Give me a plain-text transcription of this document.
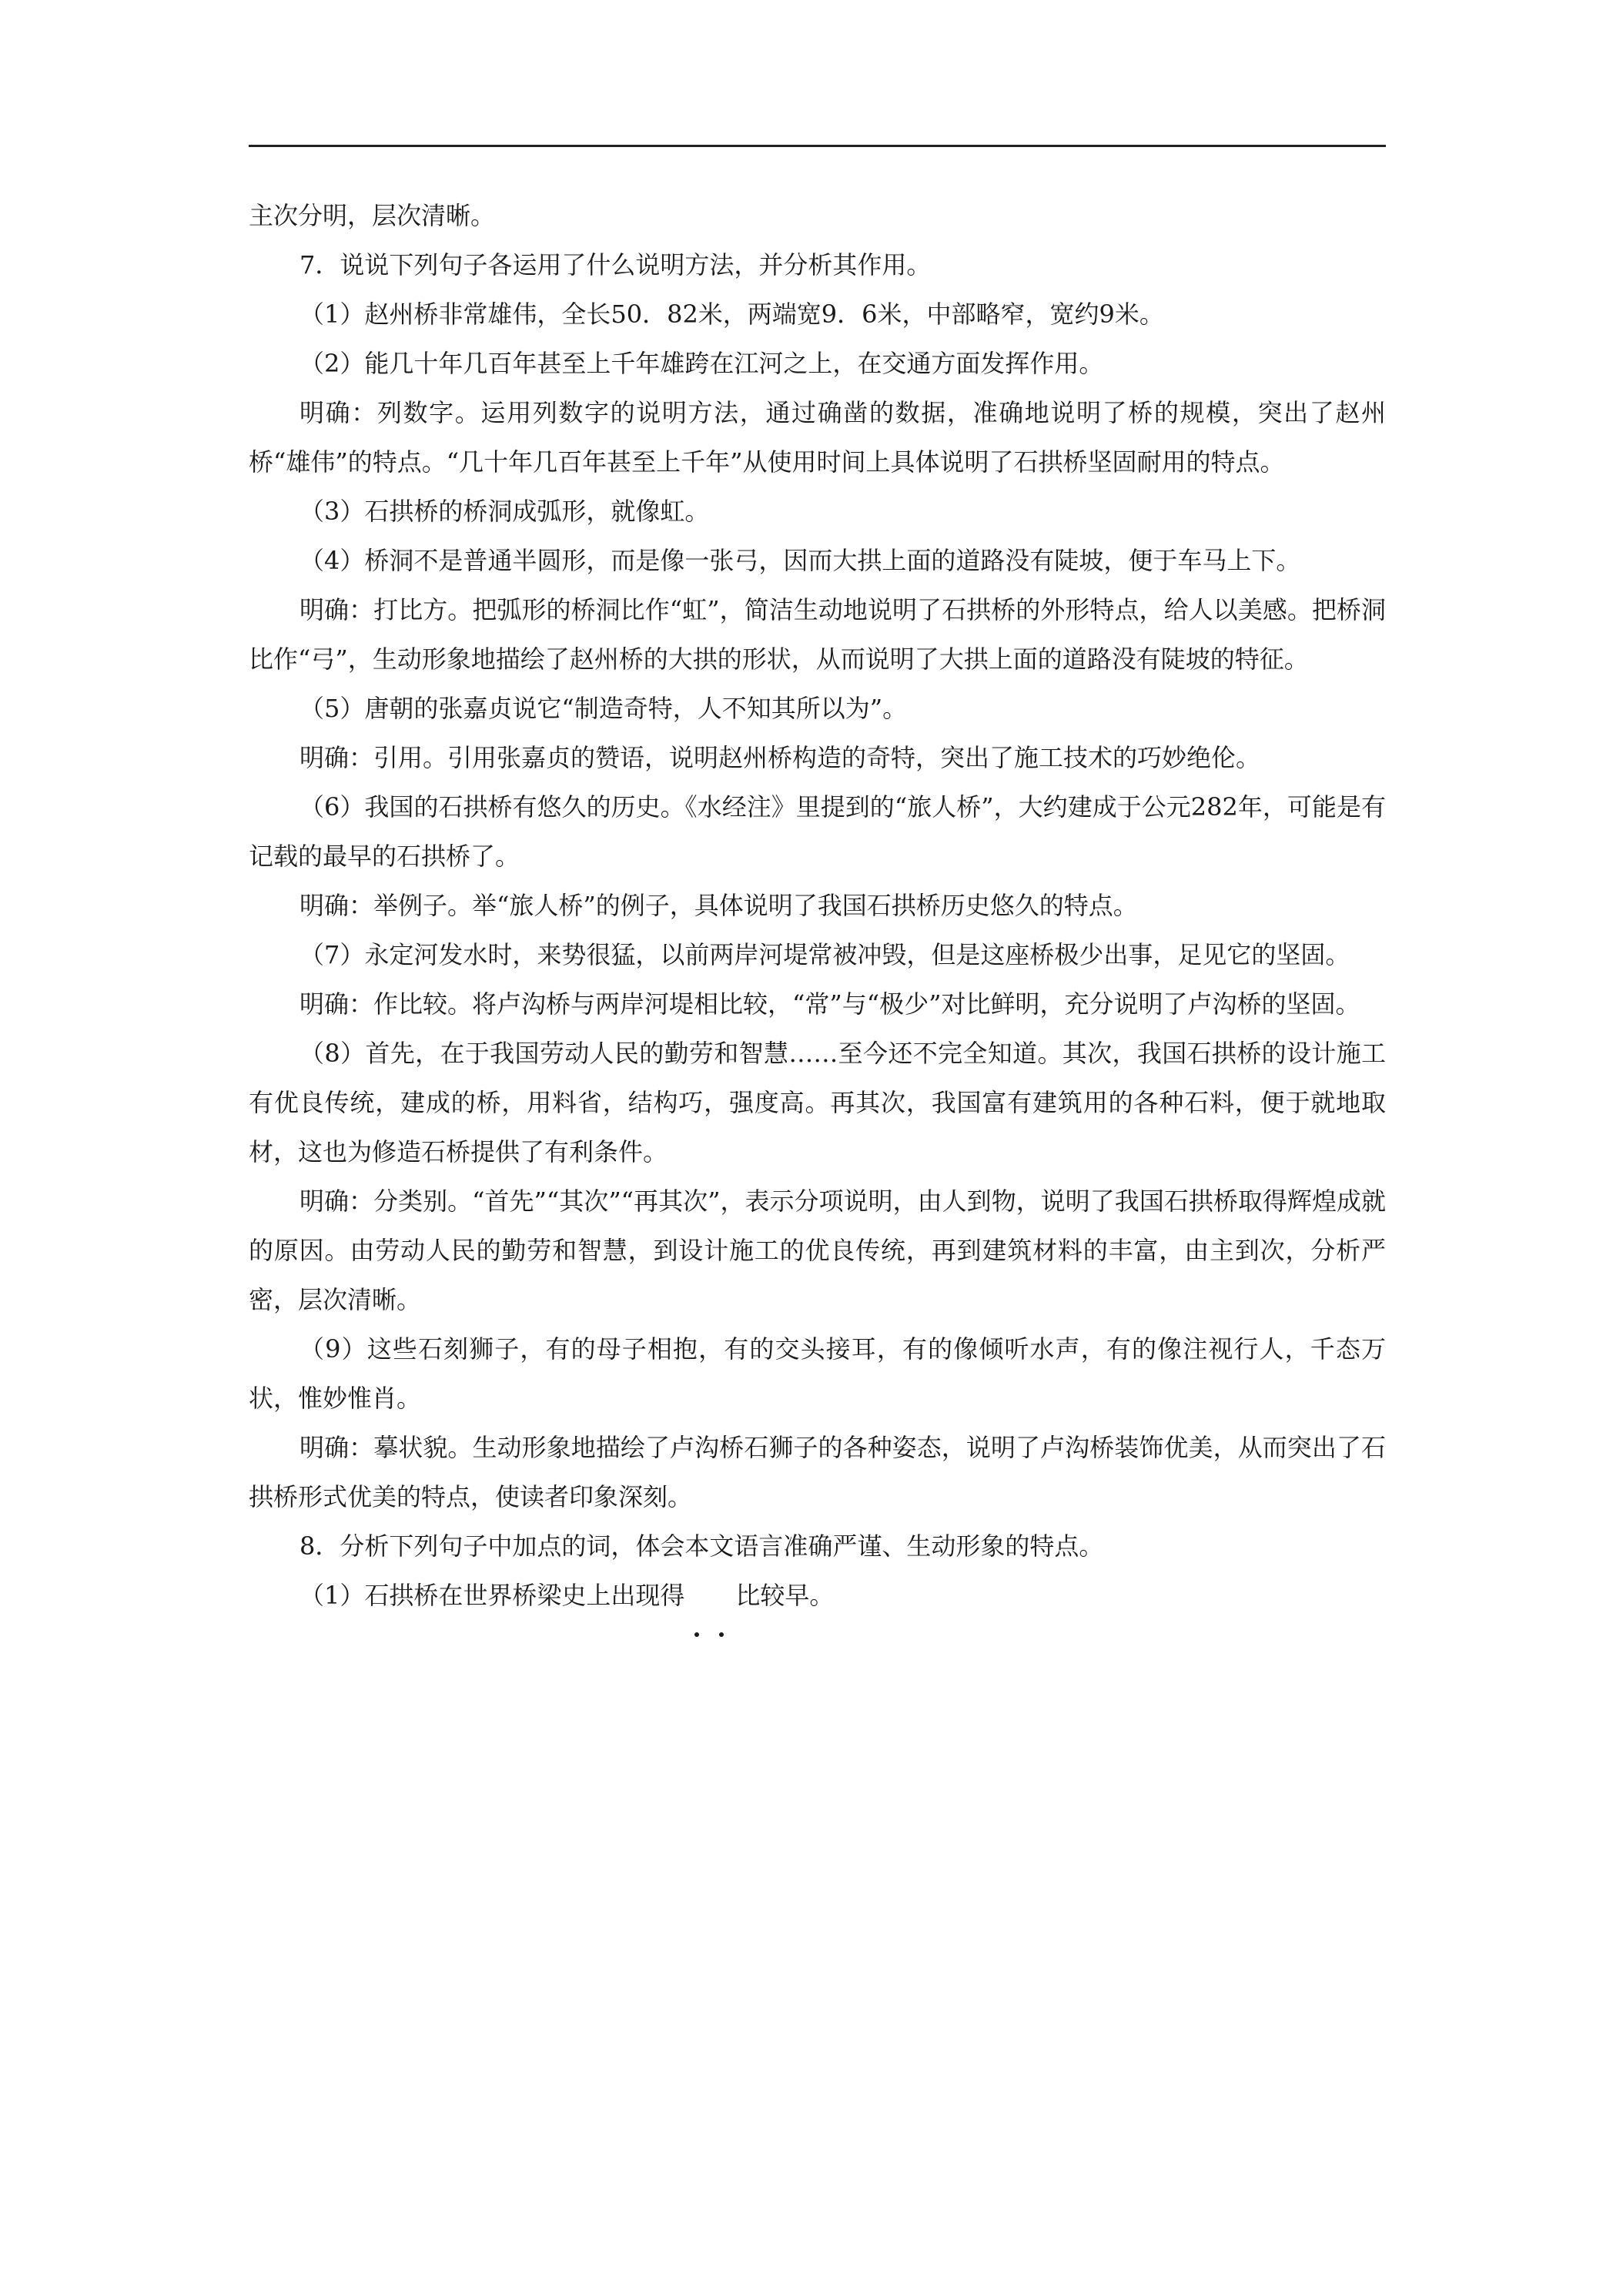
主次分明，层次清晰。

7．说说下列句子各运用了什么说明方法，并分析其作用。

（1）赵州桥非常雄伟，全长50．82米，两端宽9．6米，中部略窄，宽约9米。

（2）能几十年几百年甚至上千年雄跨在江河之上，在交通方面发挥作用。

明确：列数字。运用列数字的说明方法，通过确凿的数据，准确地说明了桥的规模，突出了赵州桥“雄伟”的特点。“几十年几百年甚至上千年”从使用时间上具体说明了石拱桥坚固耐用的特点。

（3）石拱桥的桥洞成弧形，就像虹。

（4）桥洞不是普通半圆形，而是像一张弓，因而大拱上面的道路没有陡坡，便于车马上下。

明确：打比方。把弧形的桥洞比作“虹”，简洁生动地说明了石拱桥的外形特点，给人以美感。把桥洞比作“弓”，生动形象地描绘了赵州桥的大拱的形状，从而说明了大拱上面的道路没有陡坡的特征。

（5）唐朝的张嘉贞说它“制造奇特，人不知其所以为”。

明确：引用。引用张嘉贞的赞语，说明赵州桥构造的奇特，突出了施工技术的巧妙绝伦。

（6）我国的石拱桥有悠久的历史。《水经注》里提到的“旅人桥”，大约建成于公元282年，可能是有记载的最早的石拱桥了。

明确：举例子。举“旅人桥”的例子，具体说明了我国石拱桥历史悠久的特点。

（7）永定河发水时，来势很猛，以前两岸河堤常被冲毁，但是这座桥极少出事，足见它的坚固。

明确：作比较。将卢沟桥与两岸河堤相比较，“常”与“极少”对比鲜明，充分说明了卢沟桥的坚固。

（8）首先，在于我国劳动人民的勤劳和智慧……至今还不完全知道。其次，我国石拱桥的设计施工有优良传统，建成的桥，用料省，结构巧，强度高。再其次，我国富有建筑用的各种石料，便于就地取材，这也为修造石桥提供了有利条件。

明确：分类别。“首先”“其次”“再其次”，表示分项说明，由人到物，说明了我国石拱桥取得辉煌成就的原因。由劳动人民的勤劳和智慧，到设计施工的优良传统，再到建筑材料的丰富，由主到次，分析严密，层次清晰。

（9）这些石刻狮子，有的母子相抱，有的交头接耳，有的像倾听水声，有的像注视行人，千态万状，惟妙惟肖。

明确：摹状貌。生动形象地描绘了卢沟桥石狮子的各种姿态，说明了卢沟桥装饰优美，从而突出了石拱桥形式优美的特点，使读者印象深刻。

8．分析下列句子中加点的词，体会本文语言准确严谨、生动形象的特点。

（1）石拱桥在世界桥梁史上出现得 比较
早。
